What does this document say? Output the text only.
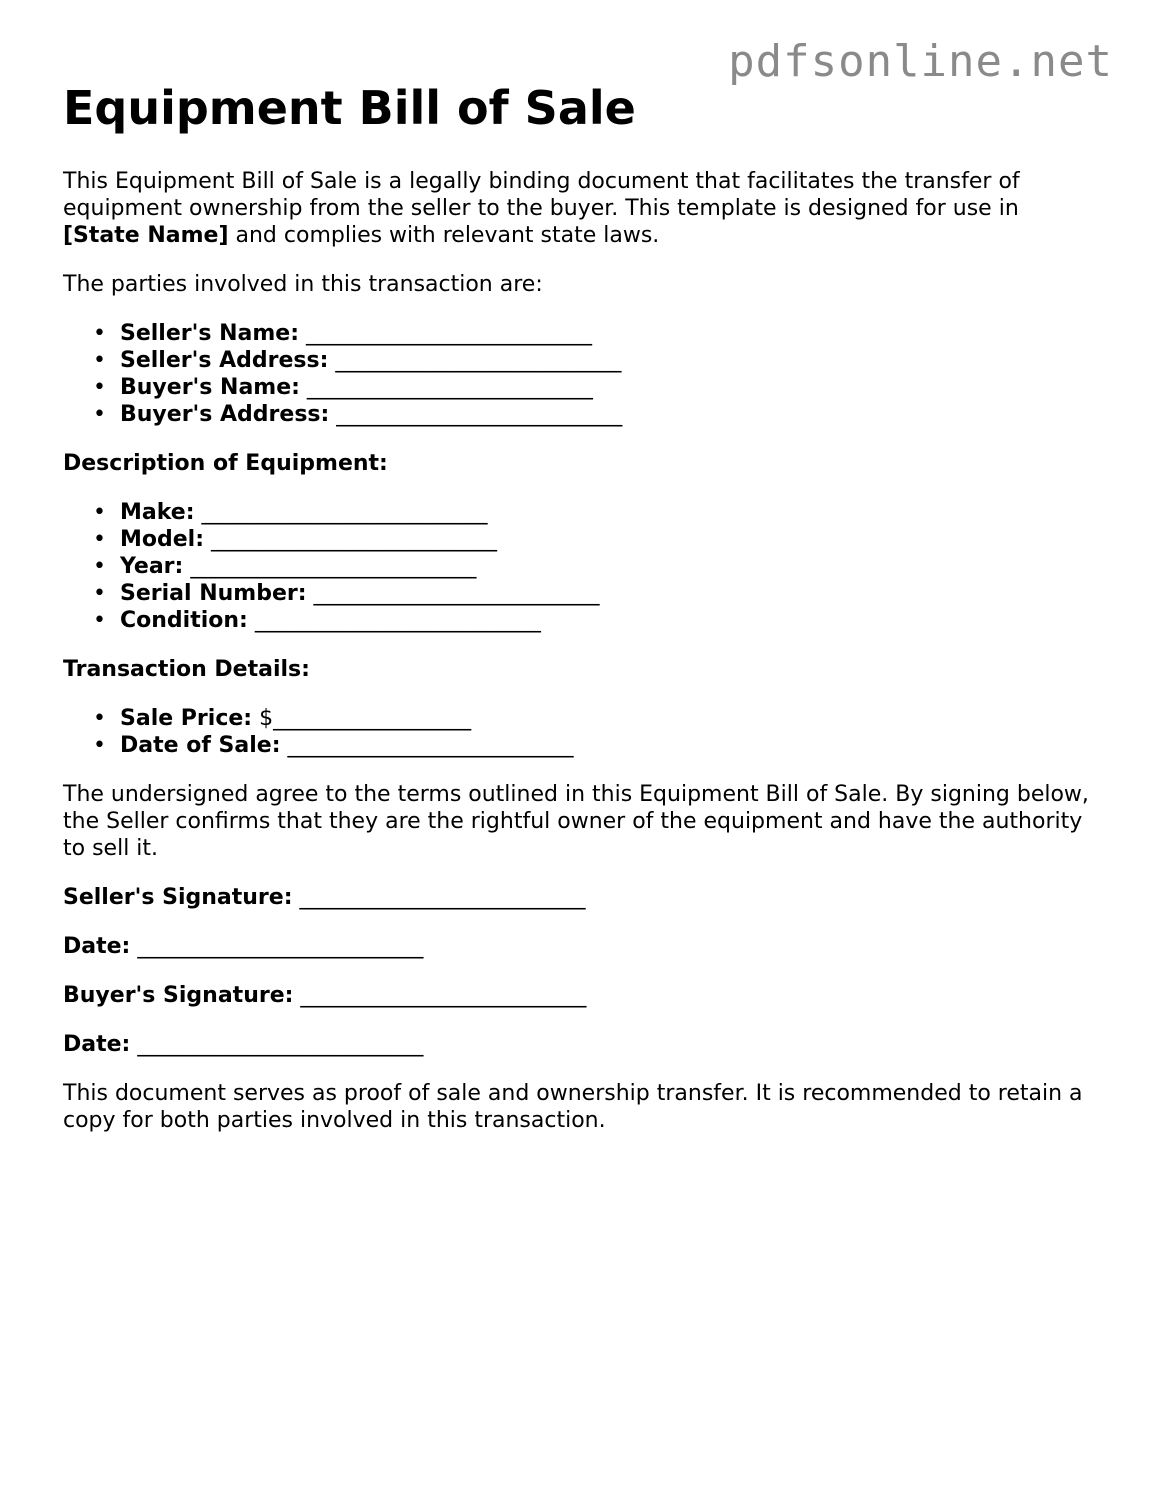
pdfsonline.net
Equipment Bill of Sale

This Equipment Bill of Sale is a legally binding document that facilitates the transfer of equipment ownership from the seller to the buyer. This template is designed for use in [State Name] and complies with relevant state laws.

The parties involved in this transaction are:

• Seller's Name: __________________________
• Seller's Address: __________________________
• Buyer's Name: __________________________
• Buyer's Address: __________________________
Description of Equipment:
• Make: __________________________
• Model: __________________________
• Year: __________________________
• Serial Number: __________________________
• Condition: __________________________
Transaction Details:
• Sale Price: $__________________
• Date of Sale: __________________________

The undersigned agree to the terms outlined in this Equipment Bill of Sale. By signing below, the Seller confirms that they are the rightful owner of the equipment and have the authority to sell it.

Seller's Signature: __________________________
Date: __________________________
Buyer's Signature: __________________________
Date: __________________________

This document serves as proof of sale and ownership transfer. It is recommended to retain a copy for both parties involved in this transaction.
